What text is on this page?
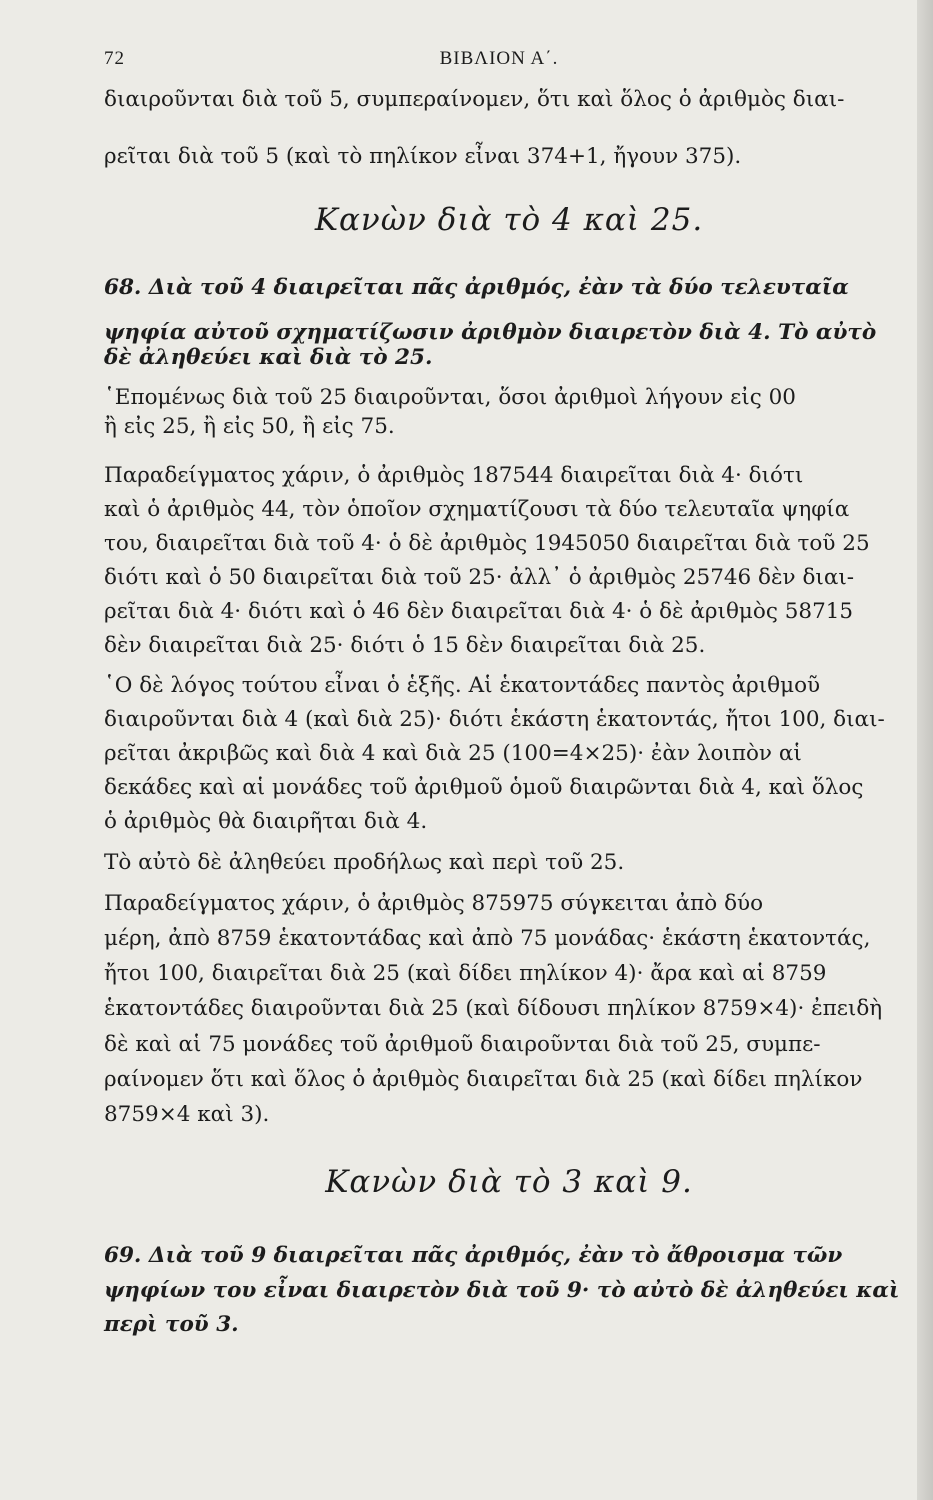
72	ΒΙΒΛΙΟΝ Α΄.
διαιροῦνται διὰ τοῦ 5, συμπεραίνομεν, ὅτι καὶ ὅλος ὁ ἀριθμὸς διαι-
ρεῖται διὰ τοῦ 5 (καὶ τὸ πηλίκον εἶναι 374+1, ἤγουν 375).
Κανὼν διὰ τὸ 4 καὶ 25.
68. Διὰ τοῦ 4 διαιρεῖται πᾶς ἀριθμός, ἐὰν τὰ δύο τελευταῖα
ψηφία αὐτοῦ σχηματίζωσιν ἀριθμὸν διαιρετὸν διὰ 4. Τὸ αὐτὸ
δὲ ἀληθεύει καὶ διὰ τὸ 25.
῾Επομένως διὰ τοῦ 25 διαιροῦνται, ὅσοι ἀριθμοὶ λήγουν εἰς 00
ἢ εἰς 25, ἢ εἰς 50, ἢ εἰς 75.
Παραδείγματος χάριν, ὁ ἀριθμὸς 187544 διαιρεῖται διὰ 4· διότι
καὶ ὁ ἀριθμὸς 44, τὸν ὁποῖον σχηματίζουσι τὰ δύο τελευταῖα ψηφία
του, διαιρεῖται διὰ τοῦ 4· ὁ δὲ ἀριθμὸς 1945050 διαιρεῖται διὰ τοῦ 25
διότι καὶ ὁ 50 διαιρεῖται διὰ τοῦ 25· ἀλλ᾿ ὁ ἀριθμὸς 25746 δὲν διαι-
ρεῖται διὰ 4· διότι καὶ ὁ 46 δὲν διαιρεῖται διὰ 4· ὁ δὲ ἀριθμὸς 58715
δὲν διαιρεῖται διὰ 25· διότι ὁ 15 δὲν διαιρεῖται διὰ 25.
῾Ο δὲ λόγος τούτου εἶναι ὁ ἑξῆς. Αἱ ἑκατοντάδες παντὸς ἀριθμοῦ
διαιροῦνται διὰ 4 (καὶ διὰ 25)· διότι ἑκάστη ἑκατοντάς, ἤτοι 100, διαι-
ρεῖται ἀκριβῶς καὶ διὰ 4 καὶ διὰ 25 (100=4×25)· ἐὰν λοιπὸν αἱ
δεκάδες καὶ αἱ μονάδες τοῦ ἀριθμοῦ ὁμοῦ διαιρῶνται διὰ 4, καὶ ὅλος
ὁ ἀριθμὸς θὰ διαιρῆται διὰ 4.
Τὸ αὐτὸ δὲ ἀληθεύει προδήλως καὶ περὶ τοῦ 25.
Παραδείγματος χάριν, ὁ ἀριθμὸς 875975 σύγκειται ἀπὸ δύο
μέρη, ἀπὸ 8759 ἑκατοντάδας καὶ ἀπὸ 75 μονάδας· ἑκάστη ἑκατοντάς,
ἤτοι 100, διαιρεῖται διὰ 25 (καὶ δίδει πηλίκον 4)· ἄρα καὶ αἱ 8759
ἑκατοντάδες διαιροῦνται διὰ 25 (καὶ δίδουσι πηλίκον 8759×4)· ἐπειδὴ
δὲ καὶ αἱ 75 μονάδες τοῦ ἀριθμοῦ διαιροῦνται διὰ τοῦ 25, συμπε-
ραίνομεν ὅτι καὶ ὅλος ὁ ἀριθμὸς διαιρεῖται διὰ 25 (καὶ δίδει πηλίκον
8759×4 καὶ 3).
Κανὼν διὰ τὸ 3 καὶ 9.
69. Διὰ τοῦ 9 διαιρεῖται πᾶς ἀριθμός, ἐὰν τὸ ἄθροισμα τῶν
ψηφίων του εἶναι διαιρετὸν διὰ τοῦ 9· τὸ αὐτὸ δὲ ἀληθεύει καὶ
περὶ τοῦ 3.
